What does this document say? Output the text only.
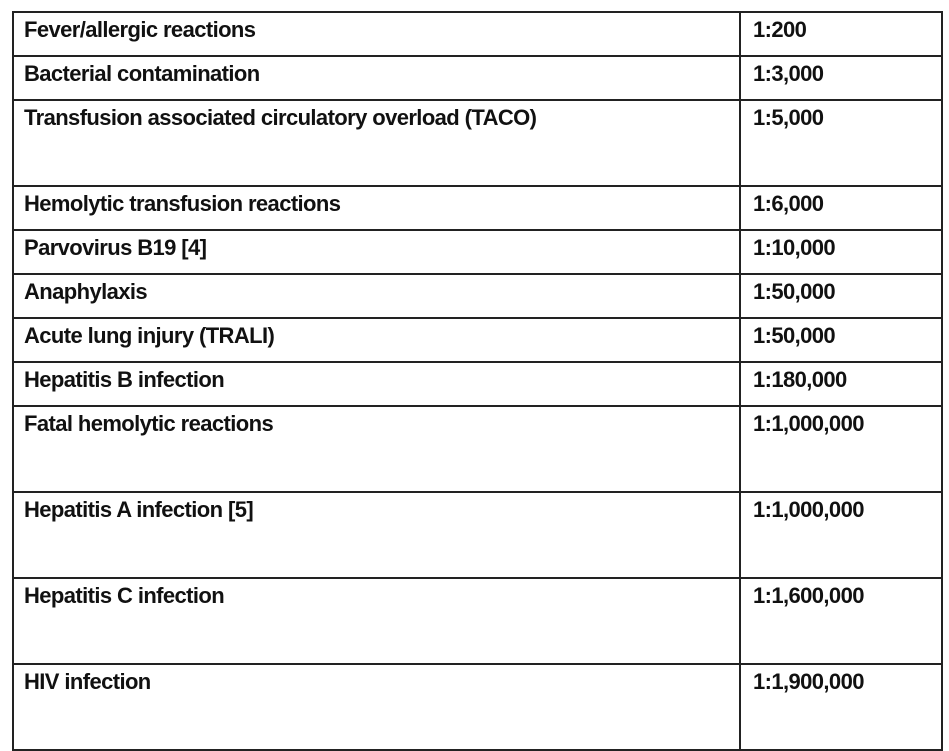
Fever/allergic reactions	1:200
Bacterial contamination	1:3,000
Transfusion associated circulatory overload (TACO)	1:5,000
Hemolytic transfusion reactions	1:6,000
Parvovirus B19 [4]	1:10,000
Anaphylaxis	1:50,000
Acute lung injury (TRALI)	1:50,000
Hepatitis B infection	1:180,000
Fatal hemolytic reactions	1:1,000,000
Hepatitis A infection [5]	1:1,000,000
Hepatitis C infection	1:1,600,000
HIV infection	1:1,900,000
